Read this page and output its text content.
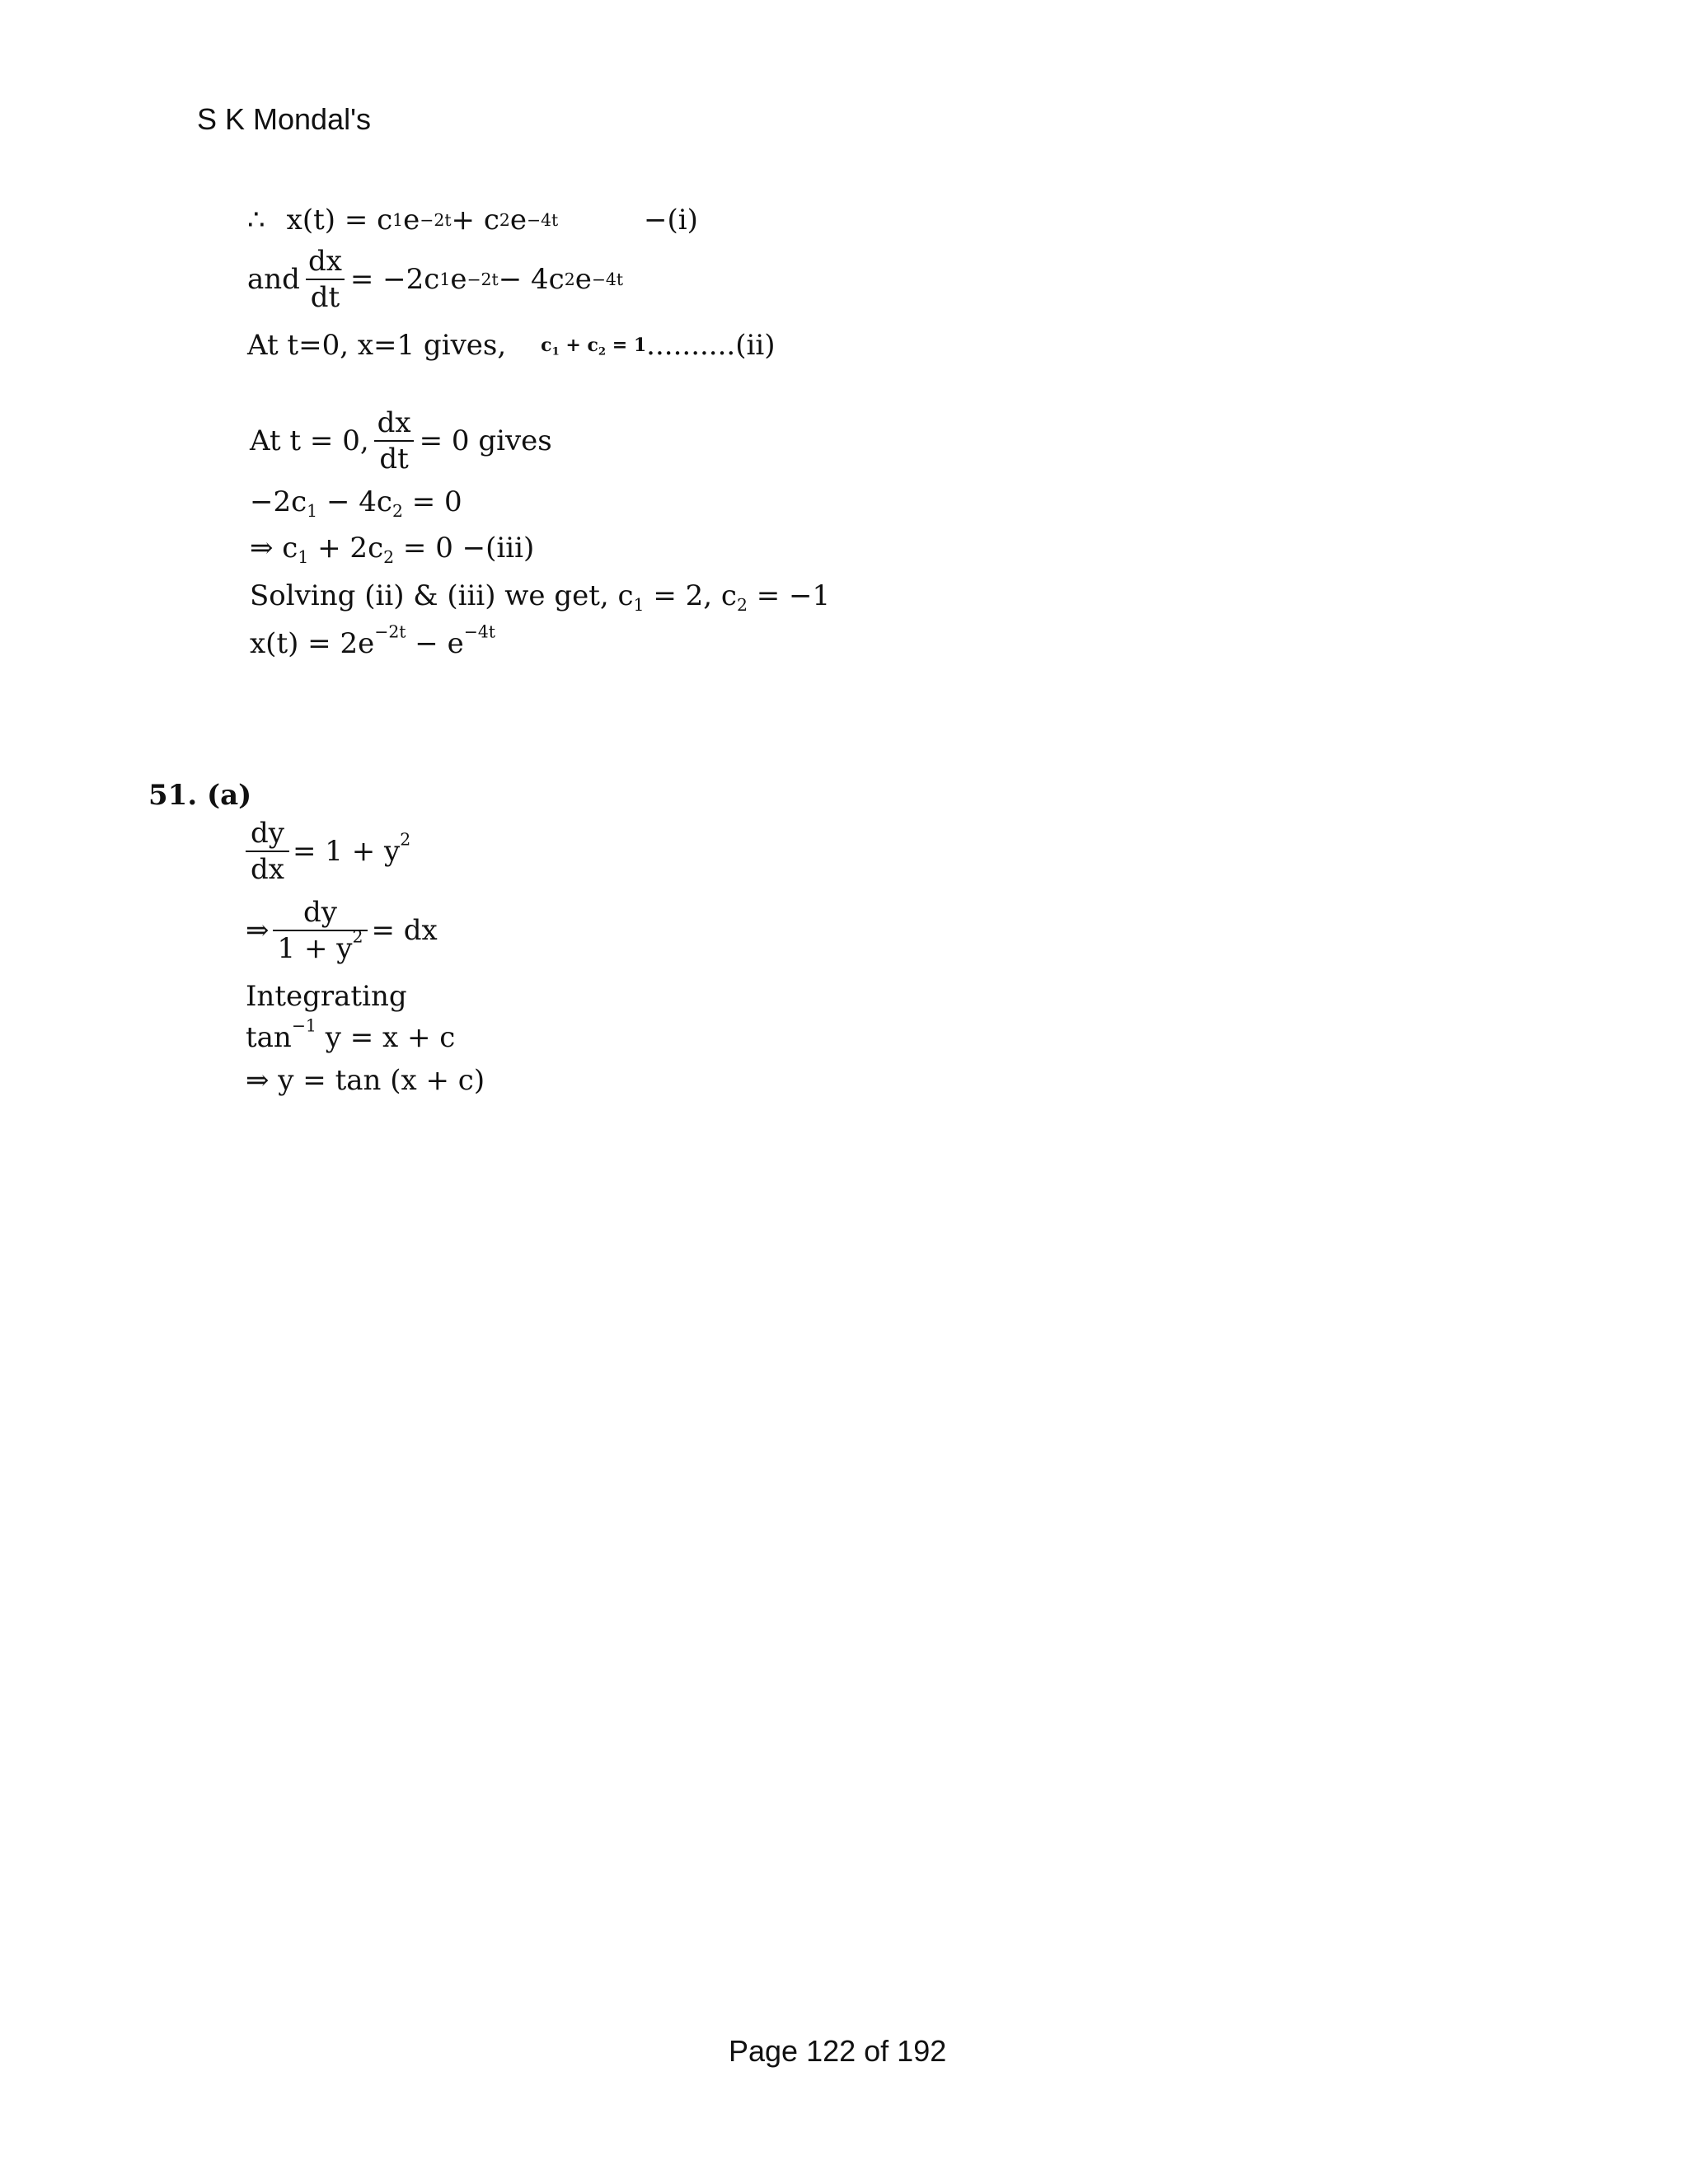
S K Mondal's
∴ x(t) = c 1 e −2t + c 2 e −4t	−(i)
and $\frac{dx}{dt} = -2c$ 1 e −2t − 4c 2 e −4t
At t=0, x=1 gives, $c_1 + c_2 = 1$ ..........(ii)
At t = 0, $\frac{dx}{dt} = 0$ gives
$-2c_1 - 4c_2 = 0$
⇒ $c_1 + 2c_2 = 0 -(iii)$
Solving (ii) & (iii) we get, $c_1 = 2$, $c_2 = -1$
$x(t) = 2e^{-2t} - e^{-4t}$
51. (a)
$\frac{dy}{dx} = 1 + y^2$
⇒ $\frac{dy}{1 + y^2}$ = dx
Integrating
$\tan^{-1} y = x + c$
⇒ y = tan (x + c)
Page 122 of 192
